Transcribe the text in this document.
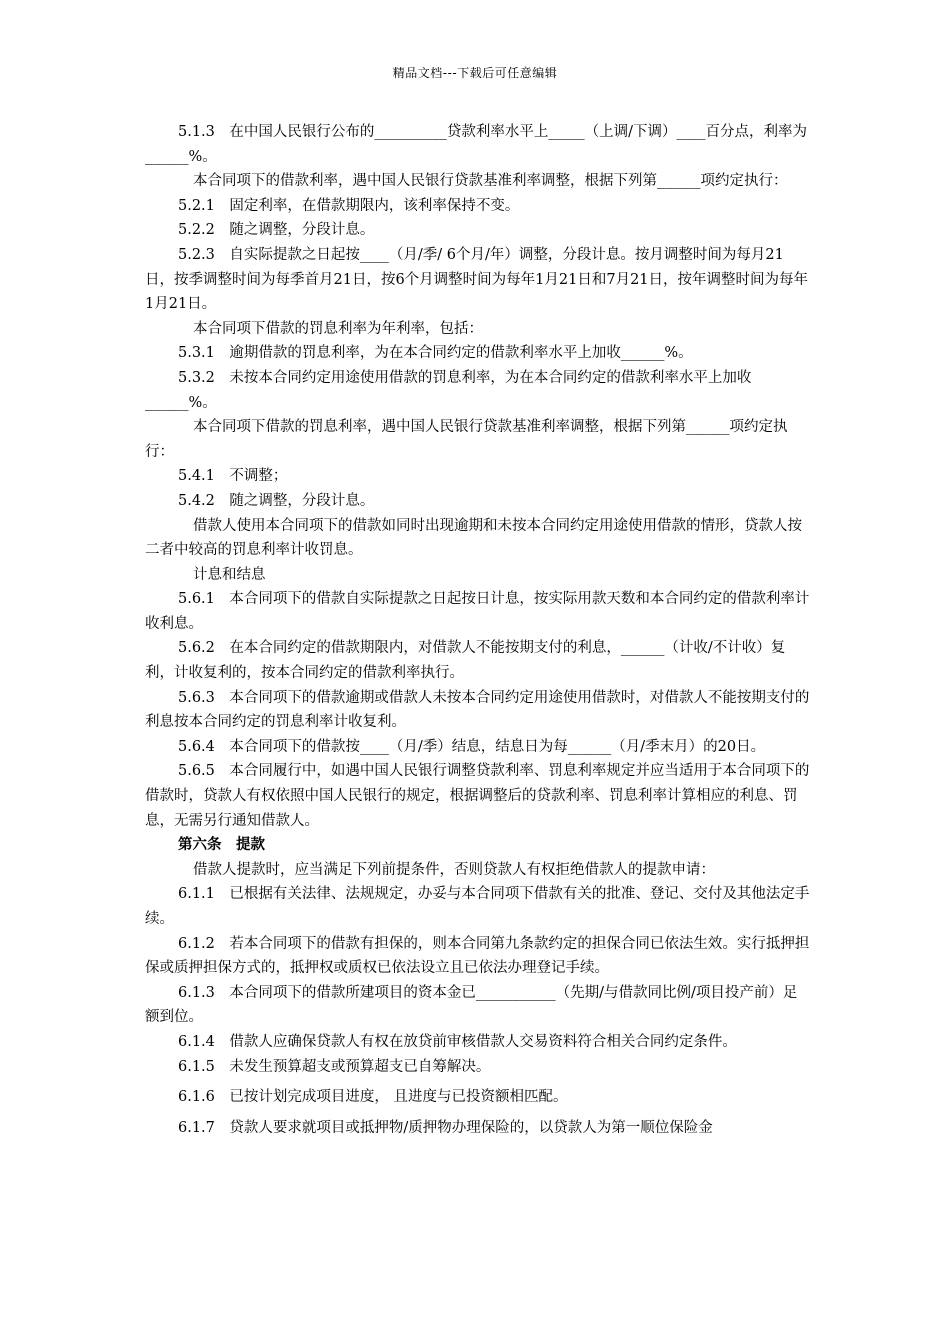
精品文档---下载后可任意编辑

5.1.3　在中国人民银行公布的__________贷款利率水平上_____（上调/下调）____百分点，利率为______%。

本合同项下的借款利率，遇中国人民银行贷款基准利率调整，根据下列第______项约定执行：

5.2.1　固定利率，在借款期限内，该利率保持不变。

5.2.2　随之调整，分段计息。

5.2.3　自实际提款之日起按____（月/季/ 6个月/年）调整，分段计息。按月调整时间为每月21日，按季调整时间为每季首月21日，按6个月调整时间为每年1月21日和7月21日，按年调整时间为每年1月21日。

本合同项下借款的罚息利率为年利率，包括：

5.3.1　逾期借款的罚息利率，为在本合同约定的借款利率水平上加收______%。

5.3.2　未按本合同约定用途使用借款的罚息利率，为在本合同约定的借款利率水平上加收______%。

本合同项下借款的罚息利率，遇中国人民银行贷款基准利率调整，根据下列第______项约定执行：

5.4.1　不调整；

5.4.2　随之调整，分段计息。

借款人使用本合同项下的借款如同时出现逾期和未按本合同约定用途使用借款的情形，贷款人按二者中较高的罚息利率计收罚息。

计息和结息

5.6.1　本合同项下的借款自实际提款之日起按日计息，按实际用款天数和本合同约定的借款利率计收利息。

5.6.2　在本合同约定的借款期限内，对借款人不能按期支付的利息，______（计收/不计收）复利，计收复利的，按本合同约定的借款利率执行。

5.6.3　本合同项下的借款逾期或借款人未按本合同约定用途使用借款时，对借款人不能按期支付的利息按本合同约定的罚息利率计收复利。

5.6.4　本合同项下的借款按____（月/季）结息，结息日为每______（月/季末月）的20日。

5.6.5　本合同履行中，如遇中国人民银行调整贷款利率、罚息利率规定并应当适用于本合同项下的借款时，贷款人有权依照中国人民银行的规定，根据调整后的贷款利率、罚息利率计算相应的利息、罚息，无需另行通知借款人。

第六条　提款

借款人提款时，应当满足下列前提条件，否则贷款人有权拒绝借款人的提款申请：

6.1.1　已根据有关法律、法规规定，办妥与本合同项下借款有关的批准、登记、交付及其他法定手续。

6.1.2　若本合同项下的借款有担保的，则本合同第九条款约定的担保合同已依法生效。实行抵押担保或质押担保方式的，抵押权或质权已依法设立且已依法办理登记手续。

6.1.3　本合同项下的借款所建项目的资本金已___________（先期/与借款同比例/项目投产前）足额到位。

6.1.4　借款人应确保贷款人有权在放贷前审核借款人交易资料符合相关合同约定条件。

6.1.5　未发生预算超支或预算超支已自筹解决。

6.1.6　已按计划完成项目进度， 且进度与已投资额相匹配。

6.1.7　贷款人要求就项目或抵押物/质押物办理保险的，以贷款人为第一顺位保险金
